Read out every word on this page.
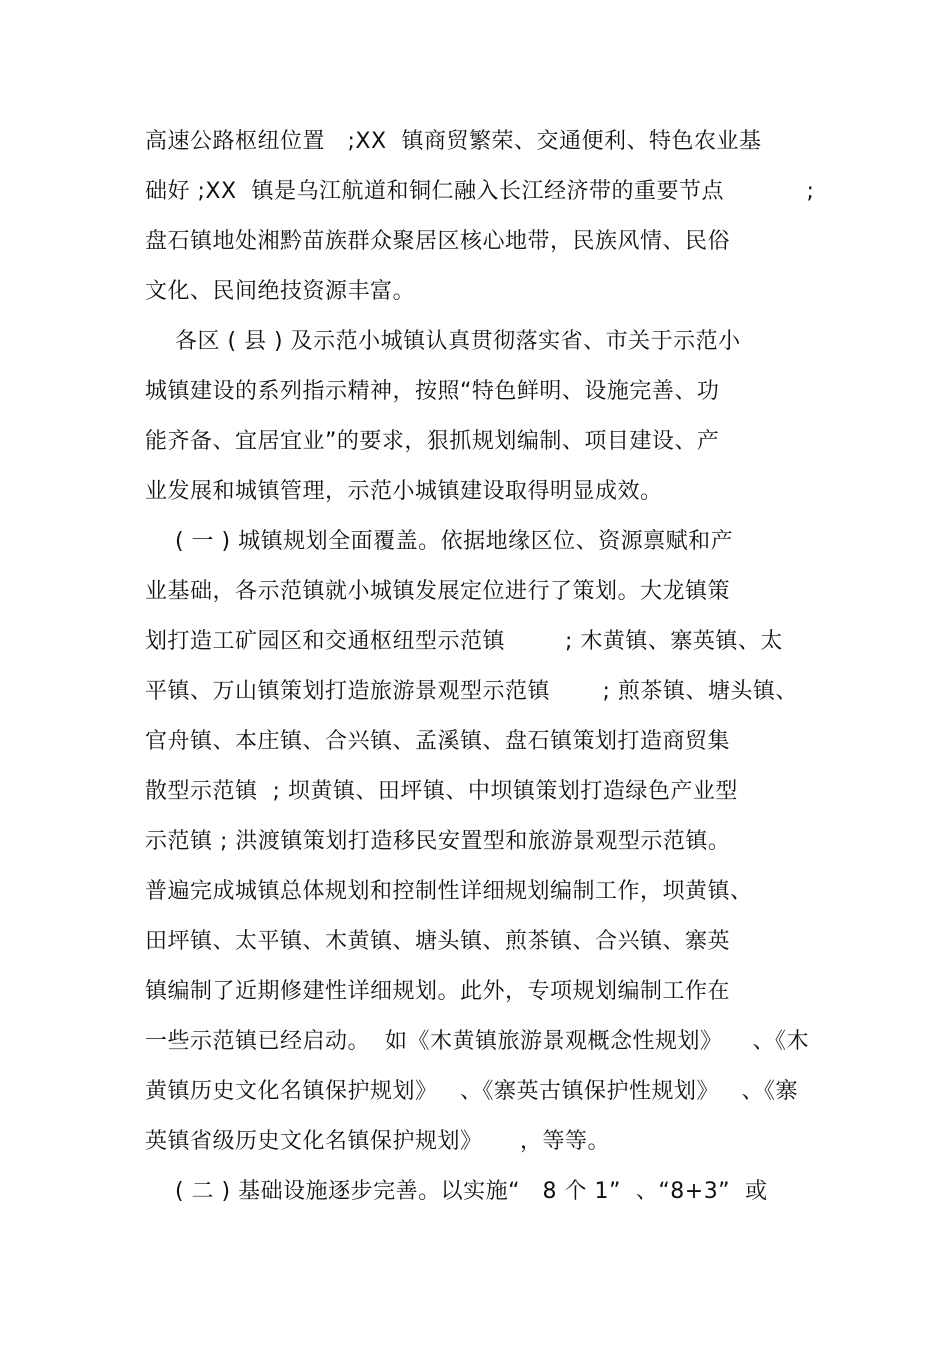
高速公路枢纽位置   ;XX  镇商贸繁荣、交通便利、特色农业基
础好 ;XX  镇是乌江航道和铜仁融入长江经济带的重要节点           ;
盘石镇地处湘黔苗族群众聚居区核心地带，民族风情、民俗
文化、民间绝技资源丰富。
各区 ( 县 ) 及示范小城镇认真贯彻落实省、市关于示范小
城镇建设的系列指示精神，按照“特色鲜明、设施完善、功
能齐备、宜居宜业”的要求，狠抓规划编制、项目建设、产
业发展和城镇管理，示范小城镇建设取得明显成效。
( 一 ) 城镇规划全面覆盖。依据地缘区位、资源禀赋和产
业基础，各示范镇就小城镇发展定位进行了策划。大龙镇策
划打造工矿园区和交通枢纽型示范镇        ; 木黄镇、寨英镇、太
平镇、万山镇策划打造旅游景观型示范镇       ; 煎茶镇、塘头镇、
官舟镇、本庄镇、合兴镇、孟溪镇、盘石镇策划打造商贸集
散型示范镇  ; 坝黄镇、田坪镇、中坝镇策划打造绿色产业型
示范镇 ; 洪渡镇策划打造移民安置型和旅游景观型示范镇。
普遍完成城镇总体规划和控制性详细规划编制工作，坝黄镇、
田坪镇、太平镇、木黄镇、塘头镇、煎茶镇、合兴镇、寨英
镇编制了近期修建性详细规划。此外，专项规划编制工作在
一些示范镇已经启动。  如《木黄镇旅游景观概念性规划》    、《木
黄镇历史文化名镇保护规划》   、《寨英古镇保护性规划》   、《寨
英镇省级历史文化名镇保护规划》     ，等等。
( 二 ) 基础设施逐步完善。以实施“   8 个 1”  、“8+3”  或
